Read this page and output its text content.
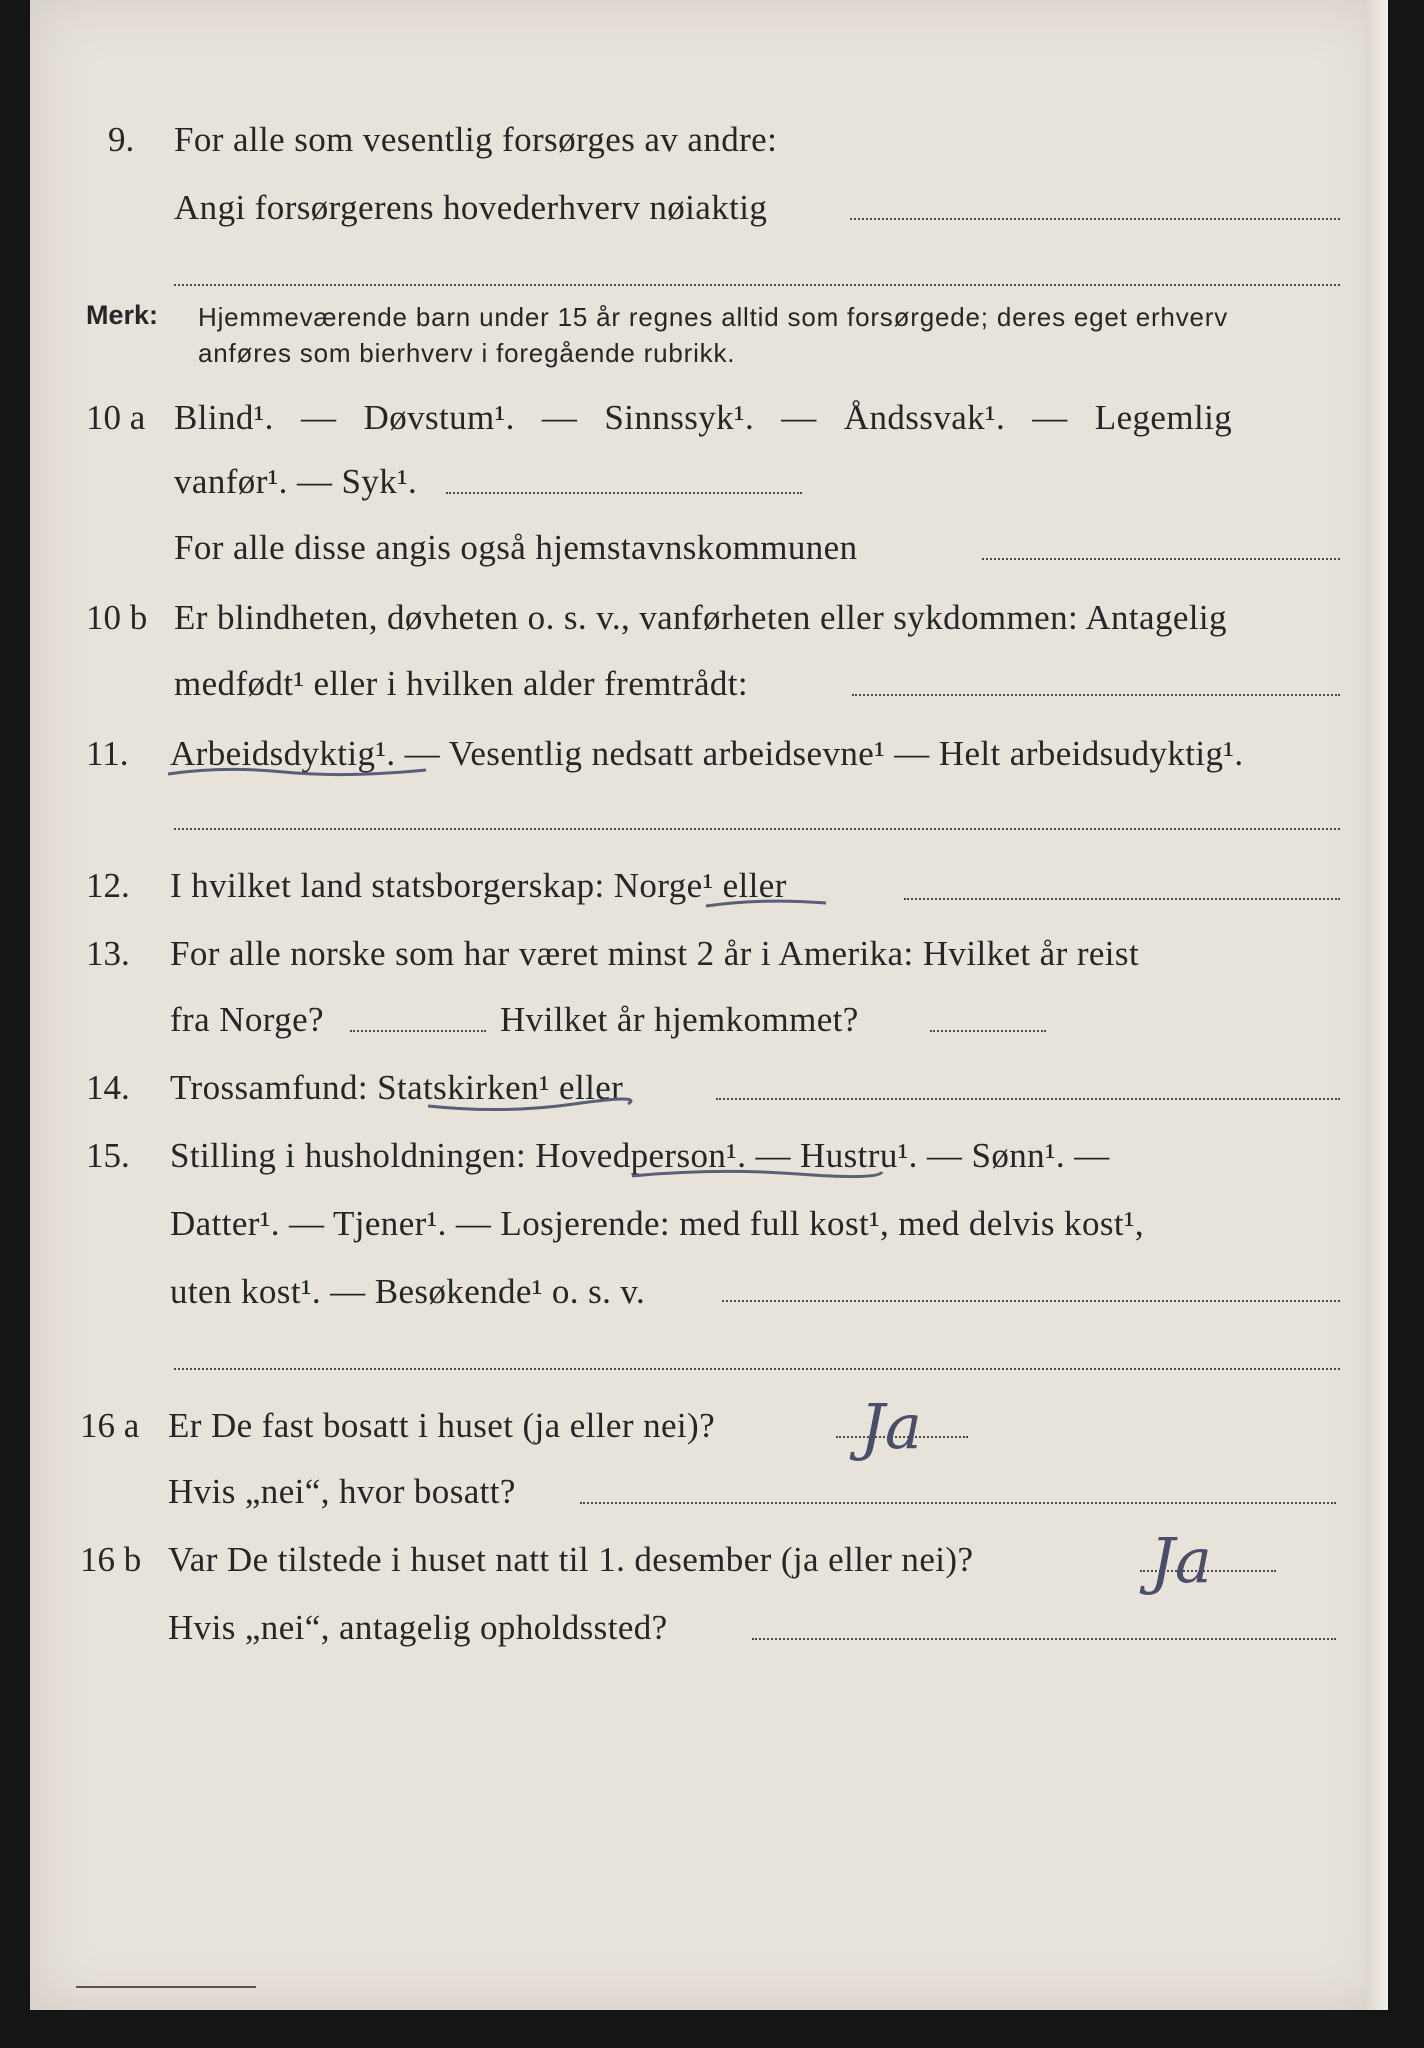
9. For alle som vesentlig forsørges av andre:
Angi forsørgerens hovederhverv nøiaktig
Merk: Hjemmeværende barn under 15 år regnes alltid som forsørgede; deres eget erhverv
anføres som bierhverv i foregående rubrikk.
10 a Blind¹. — Døvstum¹. — Sinnssyk¹. — Åndssvak¹. — Legemlig
vanfør¹. — Syk¹.
For alle disse angis også hjemstavnskommunen
10 b Er blindheten, døvheten o. s. v., vanførheten eller sykdommen: Antagelig
medfødt¹ eller i hvilken alder fremtrådt:
11. Arbeidsdyktig¹. — Vesentlig nedsatt arbeidsevne¹ — Helt arbeidsudyktig¹.
12. I hvilket land statsborgerskap: Norge¹ eller
13. For alle norske som har været minst 2 år i Amerika: Hvilket år reist
fra Norge?	Hvilket år hjemkommet?
14. Trossamfund: Statskirken¹ eller
15. Stilling i husholdningen: Hovedperson¹. — Hustru¹. — Sønn¹. —
Datter¹. — Tjener¹. — Losjerende: med full kost¹, med delvis kost¹,
uten kost¹. — Besøkende¹ o. s. v.
16 a Er De fast bosatt i huset (ja eller nei)? Ja
Hvis „nei“, hvor bosatt?
16 b Var De tilstede i huset natt til 1. desember (ja eller nei)?	Ja
Hvis „nei“, antagelig opholdssted?
